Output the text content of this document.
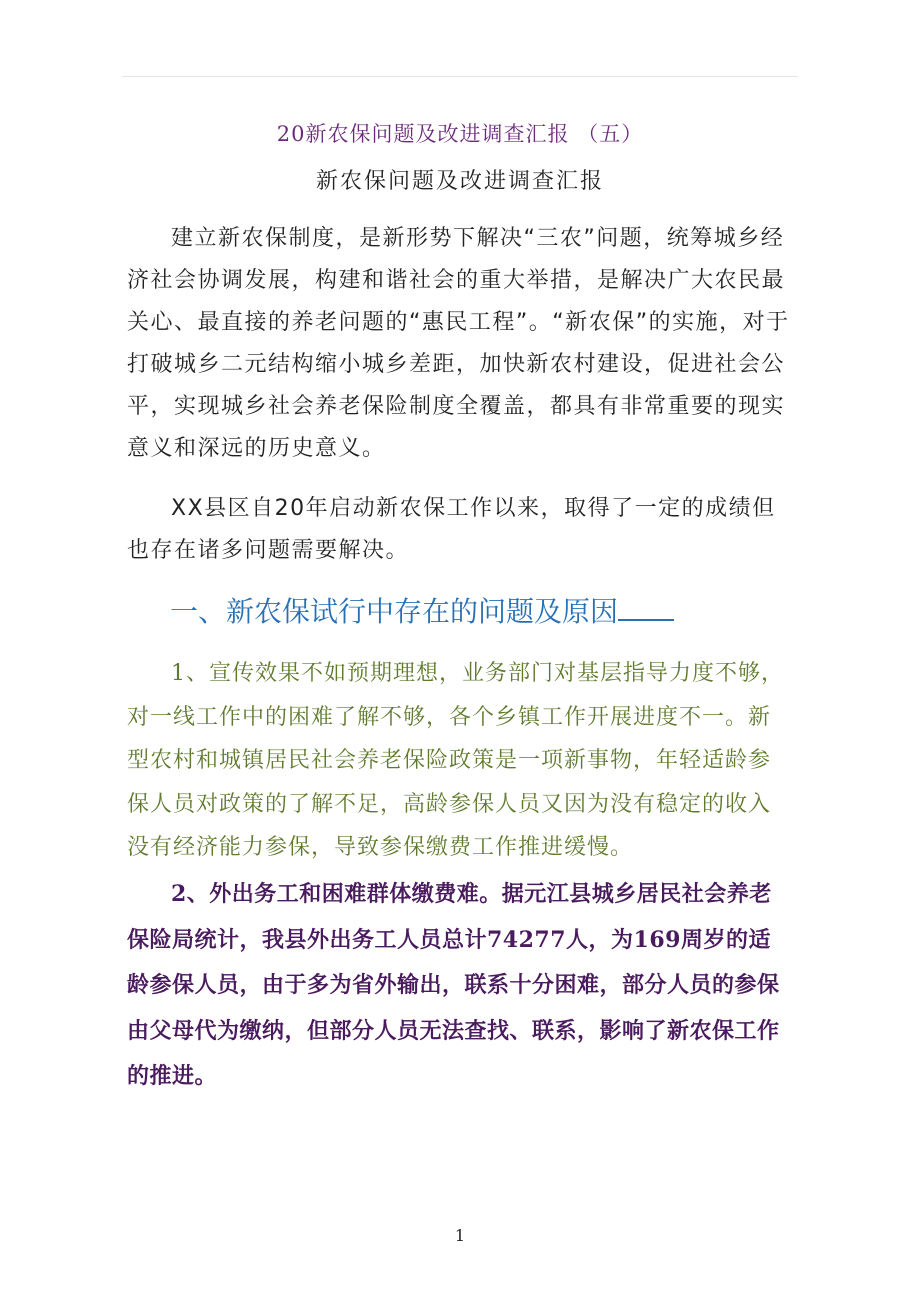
20新农保问题及改进调查汇报 （五）
新农保问题及改进调查汇报

建立新农保制度，是新形势下解决“三农”问题，统筹城乡经济社会协调发展，构建和谐社会的重大举措，是解决广大农民最关心、最直接的养老问题的“惠民工程”。“新农保”的实施，对于打破城乡二元结构缩小城乡差距，加快新农村建设，促进社会公平，实现城乡社会养老保险制度全覆盖，都具有非常重要的现实意义和深远的历史意义。

XX县区自20年启动新农保工作以来，取得了一定的成绩但也存在诸多问题需要解决。

一、新农保试行中存在的问题及原因

1、宣传效果不如预期理想，业务部门对基层指导力度不够，对一线工作中的困难了解不够，各个乡镇工作开展进度不一。新型农村和城镇居民社会养老保险政策是一项新事物，年轻适龄参保人员对政策的了解不足，高龄参保人员又因为没有稳定的收入没有经济能力参保，导致参保缴费工作推进缓慢。

2、外出务工和困难群体缴费难。据元江县城乡居民社会养老保险局统计，我县外出务工人员总计74277人，为169周岁的适龄参保人员，由于多为省外输出，联系十分困难，部分人员的参保由父母代为缴纳，但部分人员无法查找、联系，影响了新农保工作的推进。

1
